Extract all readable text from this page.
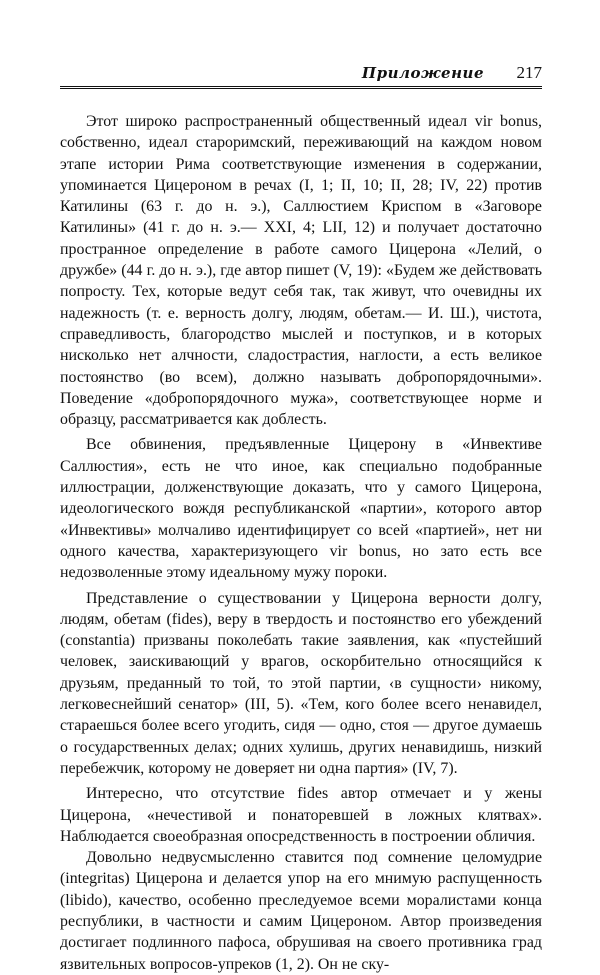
Приложение 217

Этот широко распространенный общественный идеал vir bonus, собственно, идеал староримский, переживающий на каждом новом этапе истории Рима соответствующие изменения в содержании, упоминается Цицероном в речах (I, 1; II, 10; II, 28; IV, 22) против Катилины (63 г. до н. э.), Саллюстием Криспом в «Заговоре Катилины» (41 г. до н. э.— XXI, 4; LII, 12) и получает достаточно пространное определение в работе самого Цицерона «Лелий, о дружбе» (44 г. до н. э.), где автор пишет (V, 19): «Будем же действовать попросту. Тех, которые ведут себя так, так живут, что очевидны их надежность (т. е. верность долгу, людям, обетам.— И. Ш.), чистота, справедливость, благородство мыслей и поступков, и в которых нисколько нет алчности, сладострастия, наглости, а есть великое постоянство (во всем), должно называть добропорядочными». Поведение «добропорядочного мужа», соответствующее норме и образцу, рассматривается как доблесть.

Все обвинения, предъявленные Цицерону в «Инвективе Саллюстия», есть не что иное, как специально подобранные иллюстрации, долженствующие доказать, что у самого Цицерона, идеологического вождя республиканской «партии», которого автор «Инвективы» молчаливо идентифицирует со всей «партией», нет ни одного качества, характеризующего vir bonus, но зато есть все недозволенные этому идеальному мужу пороки.

Представление о существовании у Цицерона верности долгу, людям, обетам (fides), веру в твердость и постоянство его убеждений (constantia) призваны поколебать такие заявления, как «пустейший человек, заискивающий у врагов, оскорбительно относящийся к друзьям, преданный то той, то этой партии, ‹в сущности› никому, легковеснейший сенатор» (III, 5). «Тем, кого более всего ненавидел, стараешься более всего угодить, сидя — одно, стоя — другое думаешь о государственных делах; одних хулишь, других ненавидишь, низкий перебежчик, которому не доверяет ни одна партия» (IV, 7).

Интересно, что отсутствие fides автор отмечает и у жены Цицерона, «нечестивой и понаторевшей в ложных клятвах». Наблюдается своеобразная опосредственность в построении обличия.

Довольно недвусмысленно ставится под сомнение целомудрие (integritas) Цицерона и делается упор на его мнимую распущенность (libido), качество, особенно преследуемое всеми моралистами конца республики, в частности и самим Цицероном. Автор произведения достигает подлинного пафоса, обрушивая на своего противника град язвительных вопросов-упреков (1, 2). Он не ску-
